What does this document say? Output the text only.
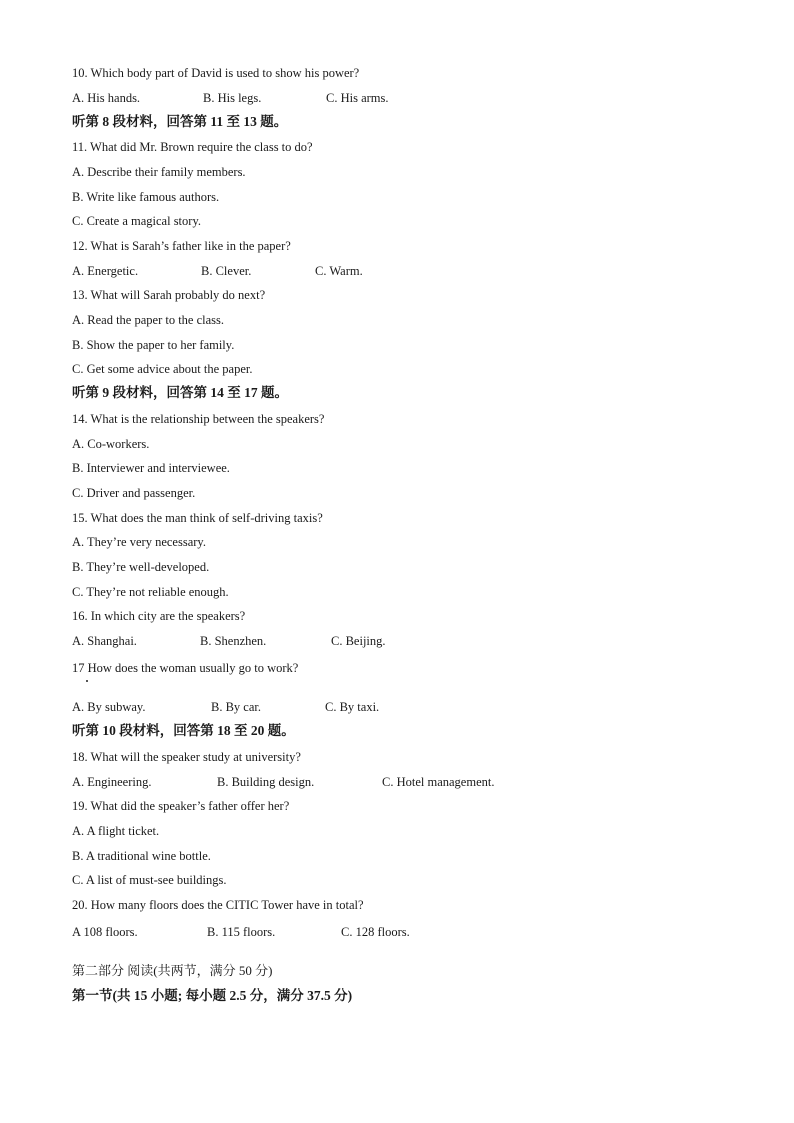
10. Which body part of David is used to show his power?
A. His hands.	B. His legs.	C. His arms.
听第 8 段材料，回答第 11 至 13 题。
11. What did Mr. Brown require the class to do?
A. Describe their family members.
B. Write like famous authors.
C. Create a magical story.
12. What is Sarah’s father like in the paper?
A. Energetic.	B. Clever.	C. Warm.
13. What will Sarah probably do next?
A. Read the paper to the class.
B. Show the paper to her family.
C. Get some advice about the paper.
听第 9 段材料，回答第 14 至 17 题。
14. What is the relationship between the speakers?
A. Co-workers.
B. Interviewer and interviewee.
C. Driver and passenger.
15. What does the man think of self-driving taxis?
A. They’re very necessary.
B. They’re well-developed.
C. They’re not reliable enough.
16. In which city are the speakers?
A. Shanghai.	B. Shenzhen.	C. Beijing.
17 How does the woman usually go to work?
A. By subway.	B. By car.	C. By taxi.
听第 10 段材料，回答第 18 至 20 题。
18. What will the speaker study at university?
A. Engineering.	B. Building design.	C. Hotel management.
19. What did the speaker’s father offer her?
A. A flight ticket.
B. A traditional wine bottle.
C. A list of must-see buildings.
20. How many floors does the CITIC Tower have in total?
A 108 floors.	B. 115 floors.	C. 128 floors.
第二部分 阅读(共两节，满分 50 分)
第一节(共 15 小题; 每小题 2.5 分，满分 37.5 分)
